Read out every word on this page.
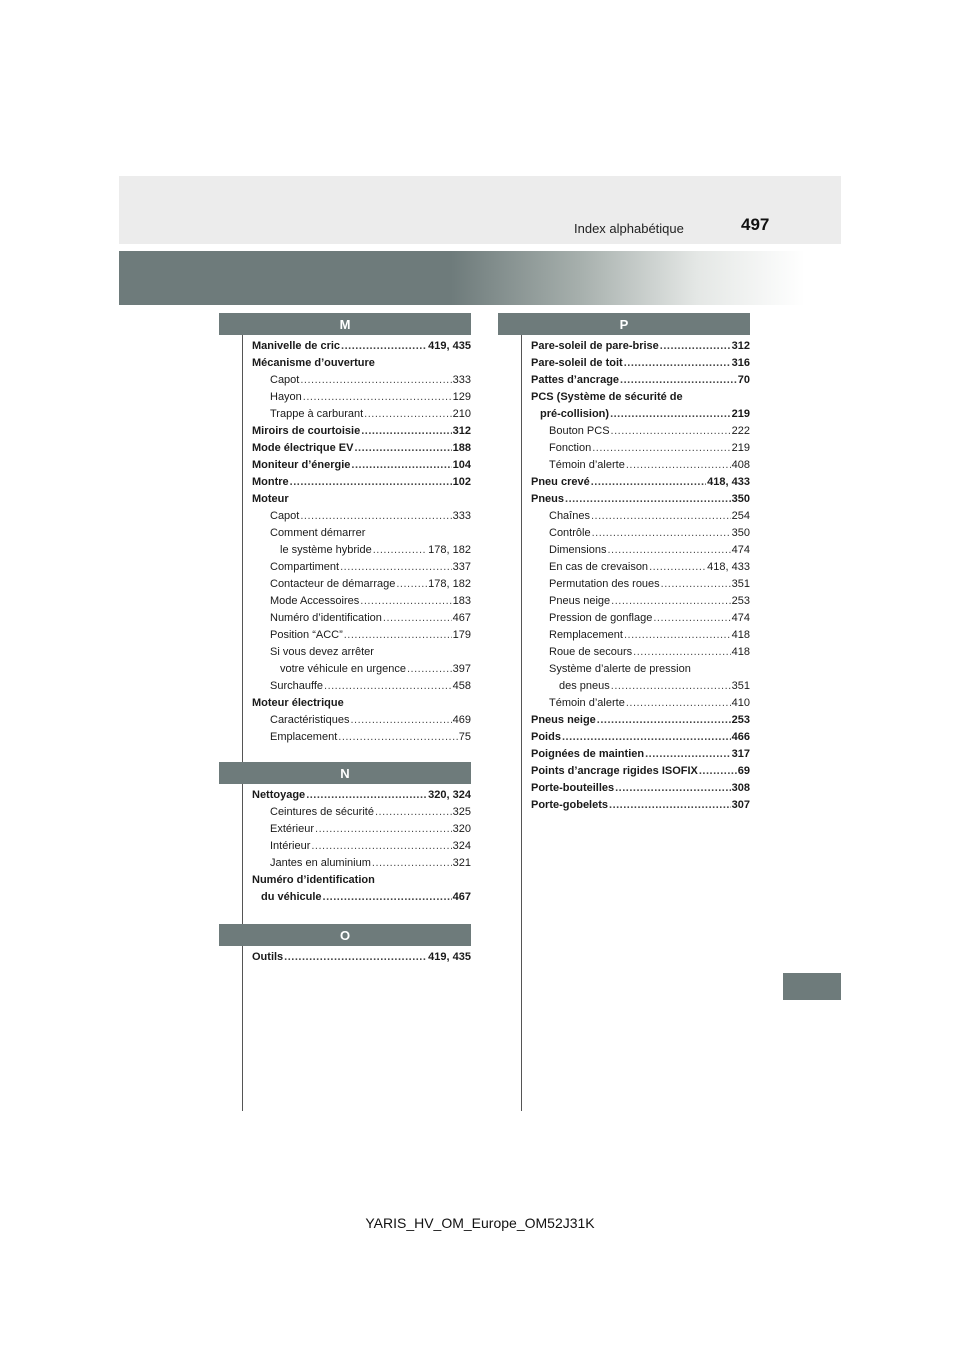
Index alphabétique	497
M
Manivelle de cric .....	419, 435
Mécanisme d’ouverture
Capot .....	333
Hayon .....	129
Trappe à carburant .....	210
Miroirs de courtoisie .....	312
Mode électrique EV .....	188
Moniteur d’énergie .....	104
Montre .....	102
Moteur
Capot .....	333
Comment démarrer
le système hybride .....	178, 182
Compartiment .....	337
Contacteur de démarrage .....	178, 182
Mode Accessoires .....	183
Numéro d’identification .....	467
Position “ACC” .....	179
Si vous devez arrêter
votre véhicule en urgence .....	397
Surchauffe .....	458
Moteur électrique
Caractéristiques .....	469
Emplacement .....	75
N
Nettoyage .....	320, 324
Ceintures de sécurité .....	325
Extérieur .....	320
Intérieur .....	324
Jantes en aluminium .....	321
Numéro d’identification
du véhicule .....	467
O
Outils .....	419, 435
P
Pare-soleil de pare-brise .....	312
Pare-soleil de toit .....	316
Pattes d’ancrage .....	70
PCS (Système de sécurité de
pré-collision) .....	219
Bouton PCS .....	222
Fonction .....	219
Témoin d’alerte .....	408
Pneu crevé .....	418, 433
Pneus .....	350
Chaînes .....	254
Contrôle .....	350
Dimensions .....	474
En cas de crevaison .....	418, 433
Permutation des roues .....	351
Pneus neige .....	253
Pression de gonflage .....	474
Remplacement .....	418
Roue de secours .....	418
Système d’alerte de pression
des pneus .....	351
Témoin d’alerte .....	410
Pneus neige .....	253
Poids .....	466
Poignées de maintien .....	317
Points d’ancrage rigides ISOFIX .....	69
Porte-bouteilles .....	308
Porte-gobelets .....	307
YARIS_HV_OM_Europe_OM52J31K
